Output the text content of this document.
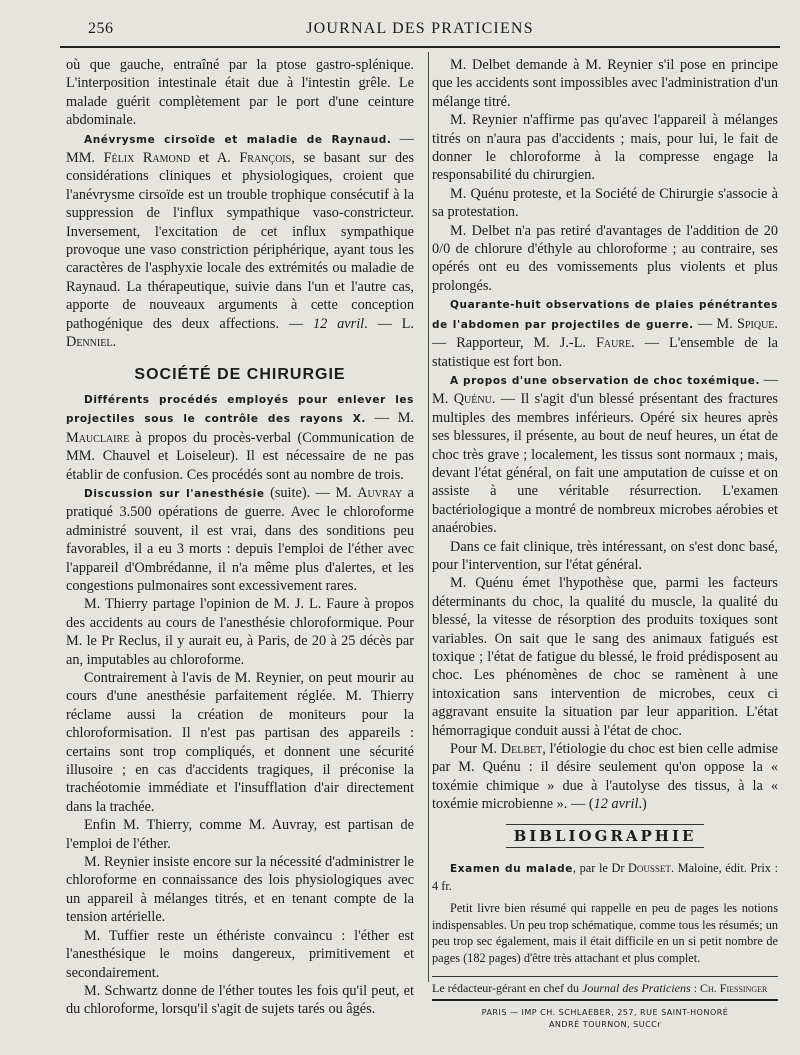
256	JOURNAL DES PRATICIENS

où que gauche, entraîné par la ptose gastro-splénique. L'interposition intestinale était due à l'intestin grêle. Le malade guérit complètement par le port d'une ceinture abdominale.

Anévrysme cirsoïde et maladie de Raynaud. — MM. Félix Ramond et A. François, se basant sur des considérations cliniques et physiologiques, croient que l'anévrysme cirsoïde est un trouble trophique consécutif à la suppression de l'influx sympathique vaso-constricteur. Inversement, l'excitation de cet influx sympathique provoque une vaso constriction périphérique, ayant tous les caractères de l'asphyxie locale des extrémités ou maladie de Raynaud. La thérapeutique, suivie dans l'un et l'autre cas, apporte de nouveaux arguments à cette conception pathogénique des deux affections. — 12 avril. — L. Denniel.

SOCIÉTÉ DE CHIRURGIE

Différents procédés employés pour enlever les projectiles sous le contrôle des rayons X. — M. Mauclaire à propos du procès-verbal (Communication de MM. Chauvel et Loiseleur). Il est nécessaire de ne pas établir de confusion. Ces procédés sont au nombre de trois.

Discussion sur l'anesthésie (suite). — M. Auvray a pratiqué 3.500 opérations de guerre. Avec le chloroforme administré souvent, il est vrai, dans des sonditions peu favorables, il a eu 3 morts : depuis l'emploi de l'éther avec l'appareil d'Ombrédanne, il n'a même plus d'alertes, et les congestions pulmonaires sont excessivement rares.

M. Thierry partage l'opinion de M. J. L. Faure à propos des accidents au cours de l'anesthésie chloroformique. Pour M. le Pr Reclus, il y aurait eu, à Paris, de 20 à 25 décès par an, imputables au chloroforme.

Contrairement à l'avis de M. Reynier, on peut mourir au cours d'une anesthésie parfaitement réglée. M. Thierry réclame aussi la création de moniteurs pour la chloroformisation. Il n'est pas partisan des appareils : certains sont trop compliqués, et donnent une sécurité illusoire ; en cas d'accidents tragiques, il préconise la trachéotomie immédiate et l'insufflation d'air directement dans la trachée.

Enfin M. Thierry, comme M. Auvray, est partisan de l'emploi de l'éther.

M. Reynier insiste encore sur la nécessité d'administrer le chloroforme en connaissance des lois physiologiques avec un appareil à mélanges titrés, et en tenant compte de la tension artérielle.

M. Tuffier reste un éthériste convaincu : l'éther est l'anesthésique le moins dangereux, primitivement et secondairement.

M. Schwartz donne de l'éther toutes les fois qu'il peut, et du chloroforme, lorsqu'il s'agit de sujets tarés ou âgés.

M. Delbet demande à M. Reynier s'il pose en principe que les accidents sont impossibles avec l'administration d'un mélange titré.

M. Reynier n'affirme pas qu'avec l'appareil à mélanges titrés on n'aura pas d'accidents ; mais, pour lui, le fait de donner le chloroforme à la compresse engage la responsabilité du chirurgien.

M. Quénu proteste, et la Société de Chirurgie s'associe à sa protestation.

M. Delbet n'a pas retiré d'avantages de l'addition de 20 0/0 de chlorure d'éthyle au chloroforme ; au contraire, ses opérés ont eu des vomissements plus violents et plus prolongés.

Quarante-huit observations de plaies pénétrantes de l'abdomen par projectiles de guerre. — M. Spique. — Rapporteur, M. J.-L. Faure. — L'ensemble de la statistique est fort bon.

A propos d'une observation de choc toxémique. — M. Quénu. — Il s'agit d'un blessé présentant des fractures multiples des membres inférieurs. Opéré six heures après ses blessures, il présente, au bout de neuf heures, un état de choc très grave ; localement, les tissus sont normaux ; mais, devant l'état général, on fait une amputation de cuisse et on assiste à une véritable résurrection. L'examen bactériologique a montré de nombreux microbes aérobies et anaérobies.

Dans ce fait clinique, très intéressant, on s'est donc basé, pour l'intervention, sur l'état général.

M. Quénu émet l'hypothèse que, parmi les facteurs déterminants du choc, la qualité du muscle, la qualité du blessé, la vitesse de résorption des produits toxiques sont variables. On sait que le sang des animaux fatigués est toxique ; l'état de fatigue du blessé, le froid prédisposent au choc. Les phénomènes de choc se ramènent à une intoxication sans intervention de microbes, ceux ci aggravant ensuite la situation par leur apparition. L'état hémorragique conduit aussi à l'état de choc.

Pour M. Delbet, l'étiologie du choc est bien celle admise par M. Quénu : il désire seulement qu'on oppose la « toxémie chimique » due à l'autolyse des tissus, à la « toxémie microbienne ». — (12 avril.)

BIBLIOGRAPHIE

Examen du malade, par le Dr Dousset. Maloine, édit. Prix : 4 fr.

Petit livre bien résumé qui rappelle en peu de pages les notions indispensables. Un peu trop schématique, comme tous les résumés; un peu trop sec également, mais il était difficile en un si petit nombre de pages (182 pages) d'être très attachant et plus complet.

Le rédacteur-gérant en chef du Journal des Praticiens : Ch. Fiessinger
PARIS — IMP CH. SCHLAEBER, 257, RUE SAINT-HONORÉ
ANDRÉ TOURNON, SUCCr
